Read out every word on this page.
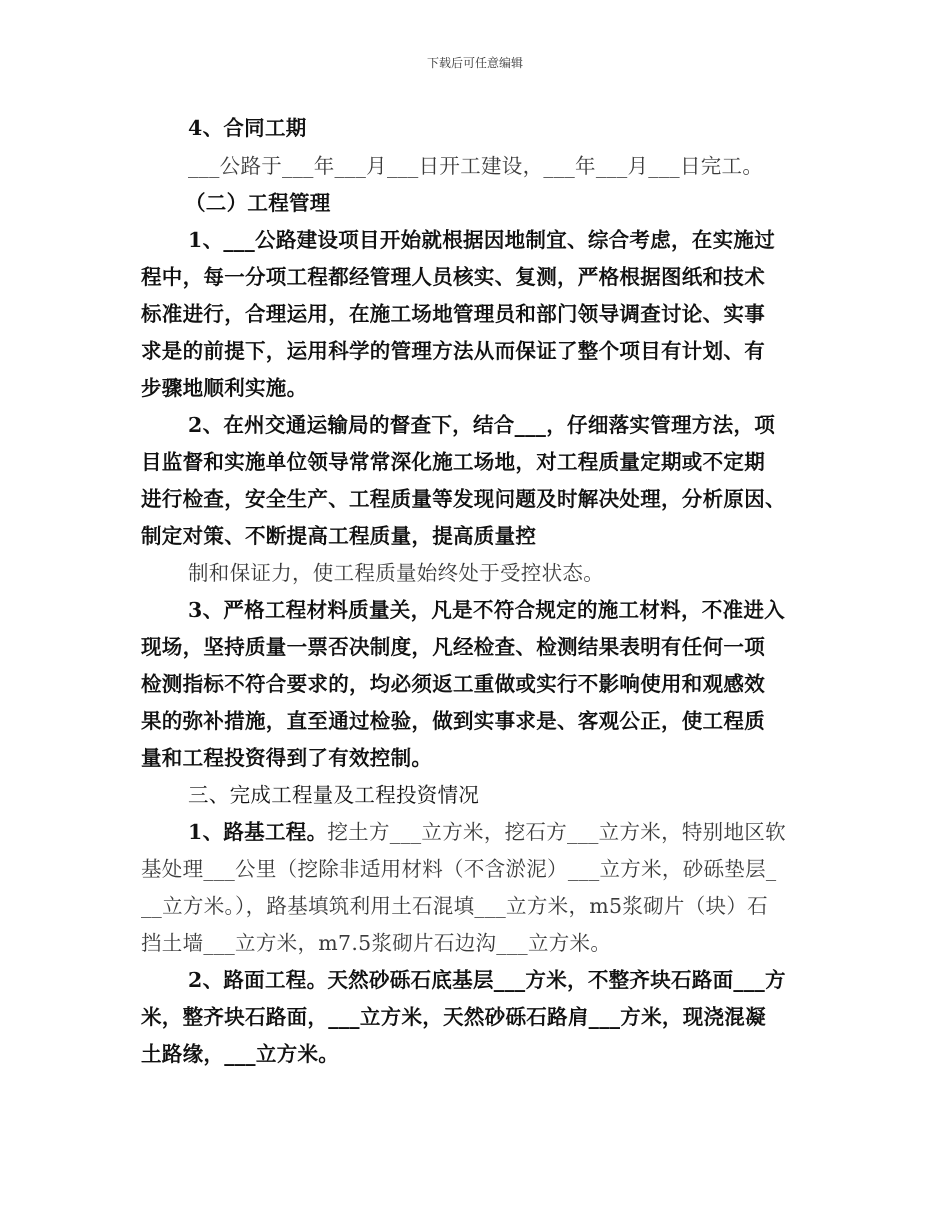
下载后可任意编辑
4、合同工期
___公路于___年___月___日开工建设，___年___月___日完工。
（二）工程管理
1、___公路建设项目开始就根据因地制宜、综合考虑，在实施过
程中，每一分项工程都经管理人员核实、复测，严格根据图纸和技术
标准进行，合理运用，在施工场地管理员和部门领导调查讨论、实事
求是的前提下，运用科学的管理方法从而保证了整个项目有计划、有
步骤地顺利实施。
2、在州交通运输局的督查下，结合___，仔细落实管理方法，项
目监督和实施单位领导常常深化施工场地，对工程质量定期或不定期
进行检查，安全生产、工程质量等发现问题及时解决处理，分析原因、
制定对策、不断提高工程质量，提高质量控
制和保证力，使工程质量始终处于受控状态。
3、严格工程材料质量关，凡是不符合规定的施工材料，不准进入
现场，坚持质量一票否决制度，凡经检查、检测结果表明有任何一项
检测指标不符合要求的，均必须返工重做或实行不影响使用和观感效
果的弥补措施，直至通过检验，做到实事求是、客观公正，使工程质
量和工程投资得到了有效控制。
三、完成工程量及工程投资情况
1、路基工程。挖土方___立方米，挖石方___立方米，特别地区软
基处理___公里（挖除非适用材料（不含淤泥）___立方米，砂砾垫层_
__立方米。），路基填筑利用土石混填___立方米，m5浆砌片（块）石
挡土墙___立方米，m7.5浆砌片石边沟___立方米。
2、路面工程。天然砂砾石底基层___方米，不整齐块石路面___方
米，整齐块石路面，___立方米，天然砂砾石路肩___方米，现浇混凝
土路缘，___立方米。
